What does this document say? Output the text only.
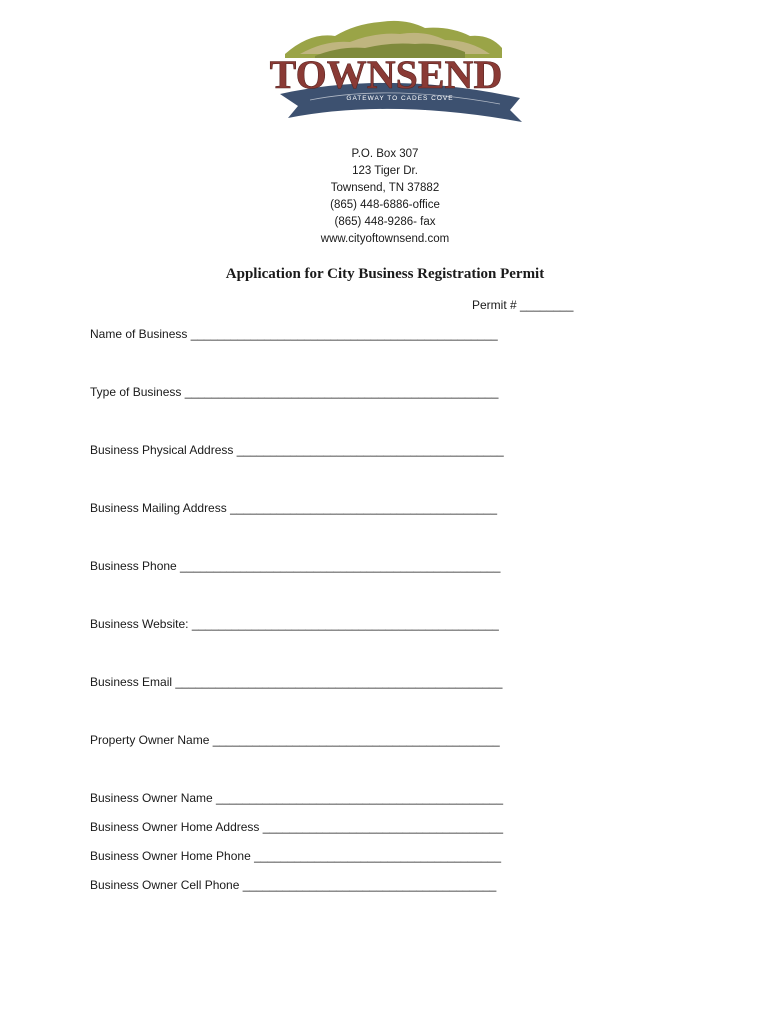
TOWNSEND
GATEWAY TO CADES COVE
TENNESSEE
P.O. Box 307
123 Tiger Dr.
Townsend, TN 37882
(865) 448-6886-office
(865) 448-9286- fax
www.cityoftownsend.com
Application for City Business Registration Permit
Permit # ________
Name of Business ______________________________________________
Type of Business _______________________________________________
Business Physical Address ________________________________________
Business Mailing Address ________________________________________
Business Phone ________________________________________________
Business Website: ______________________________________________
Business Email _________________________________________________
Property Owner Name ___________________________________________
Business Owner Name ___________________________________________
Business Owner Home Address ____________________________________
Business Owner Home Phone _____________________________________
Business Owner Cell Phone ______________________________________
